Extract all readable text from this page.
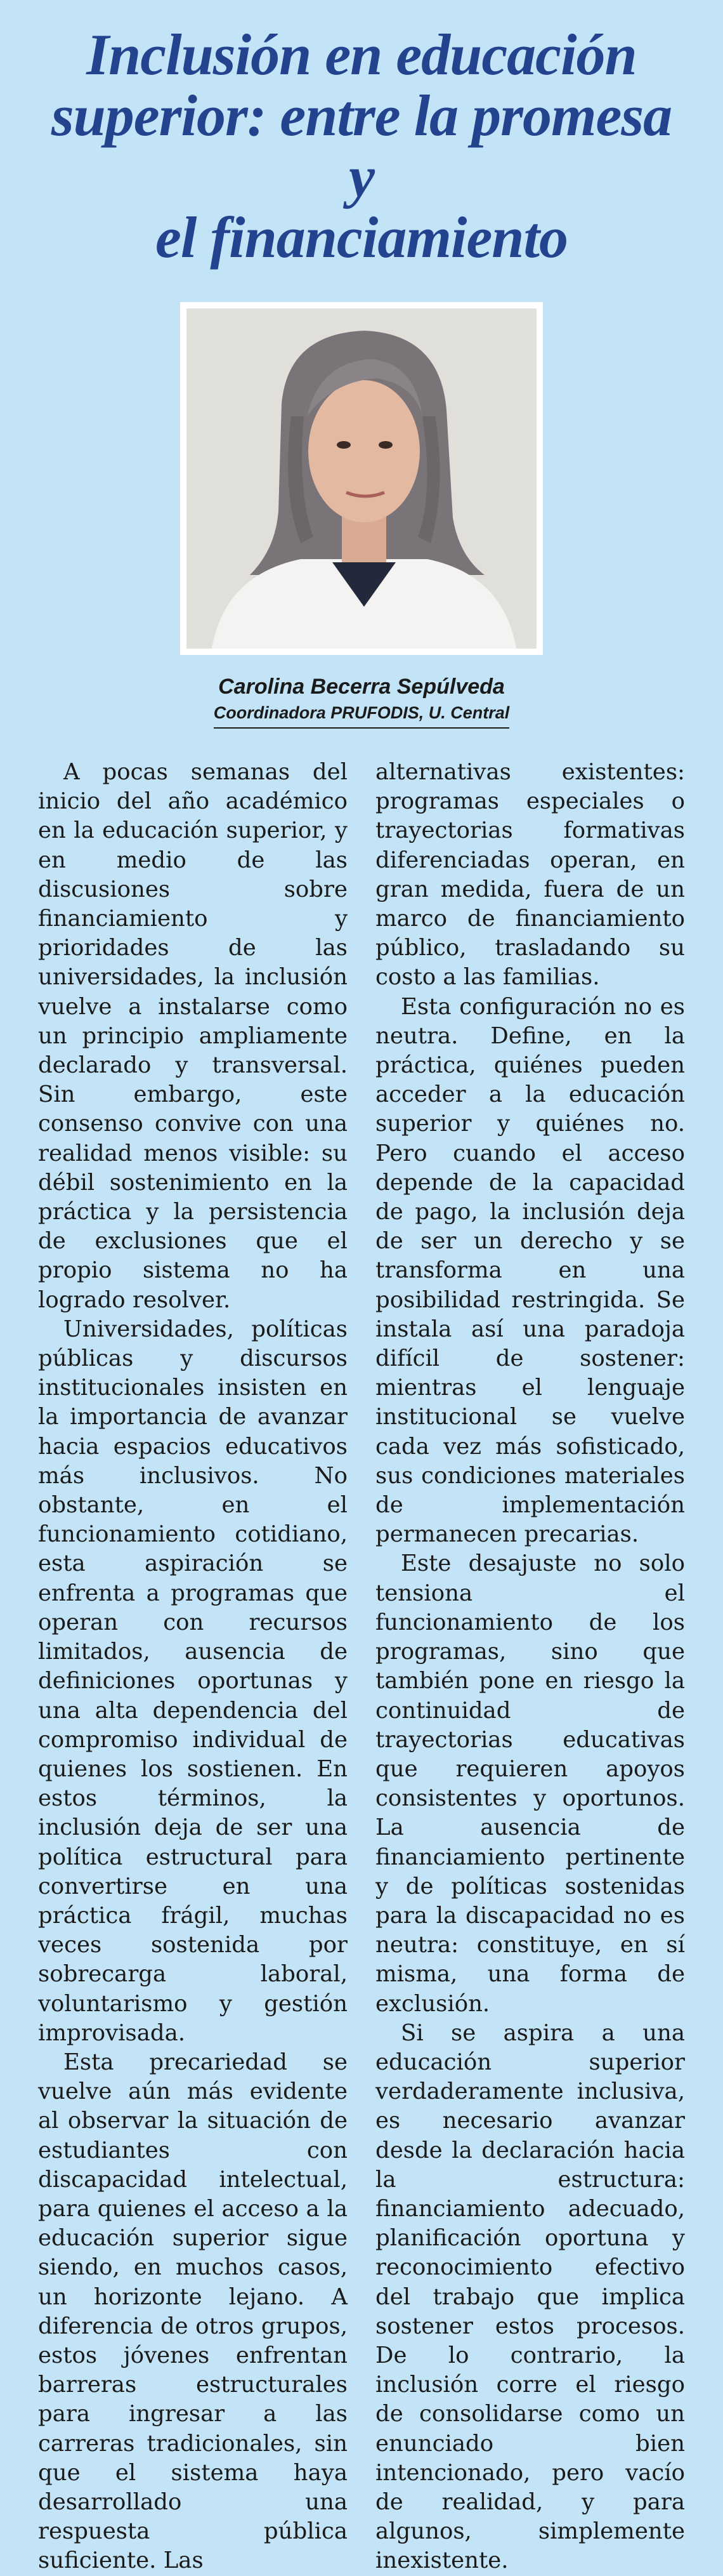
Inclusión en educación
superior: entre la promesa y
el financiamiento
Carolina Becerra Sepúlveda
Coordinadora PRUFODIS, U. Central

A pocas semanas del inicio del año académico en la educación superior, y en medio de las discusiones sobre financiamiento y prioridades de las universidades, la inclusión vuelve a instalarse como un principio ampliamente declarado y transversal. Sin embargo, este consenso convive con una realidad menos visible: su débil sostenimiento en la práctica y la persistencia de exclusiones que el propio sistema no ha logrado resolver.

Universidades, políticas públicas y discursos institucionales insisten en la importancia de avanzar hacia espacios educativos más inclusivos. No obstante, en el funcionamiento cotidiano, esta aspiración se enfrenta a programas que operan con recursos limitados, ausencia de definiciones oportunas y una alta dependencia del compromiso individual de quienes los sostienen. En estos términos, la inclusión deja de ser una política estructural para convertirse en una práctica frágil, muchas veces sostenida por sobrecarga laboral, voluntarismo y gestión improvisada.

Esta precariedad se vuelve aún más evidente al observar la situación de estudiantes con discapacidad intelectual, para quienes el acceso a la educación superior sigue siendo, en muchos casos, un horizonte lejano. A diferencia de otros grupos, estos jóvenes enfrentan barreras estructurales para ingresar a las carreras tradicionales, sin que el sistema haya desarrollado una respuesta pública suficiente. Las

alternativas existentes: programas especiales o trayectorias formativas diferenciadas operan, en gran medida, fuera de un marco de financiamiento público, trasladando su costo a las familias.

Esta configuración no es neutra. Define, en la práctica, quiénes pueden acceder a la educación superior y quiénes no. Pero cuando el acceso depende de la capacidad de pago, la inclusión deja de ser un derecho y se transforma en una posibilidad restringida. Se instala así una paradoja difícil de sostener: mientras el lenguaje institucional se vuelve cada vez más sofisticado, sus condiciones materiales de implementación permanecen precarias.

Este desajuste no solo tensiona el funcionamiento de los programas, sino que también pone en riesgo la continuidad de trayectorias educativas que requieren apoyos consistentes y oportunos. La ausencia de financiamiento pertinente y de políticas sostenidas para la discapacidad no es neutra: constituye, en sí misma, una forma de exclusión.

Si se aspira a una educación superior verdaderamente inclusiva, es necesario avanzar desde la declaración hacia la estructura: financiamiento adecuado, planificación oportuna y reconocimiento efectivo del trabajo que implica sostener estos procesos. De lo contrario, la inclusión corre el riesgo de consolidarse como un enunciado bien intencionado, pero vacío de realidad, y para algunos, simplemente inexistente.
